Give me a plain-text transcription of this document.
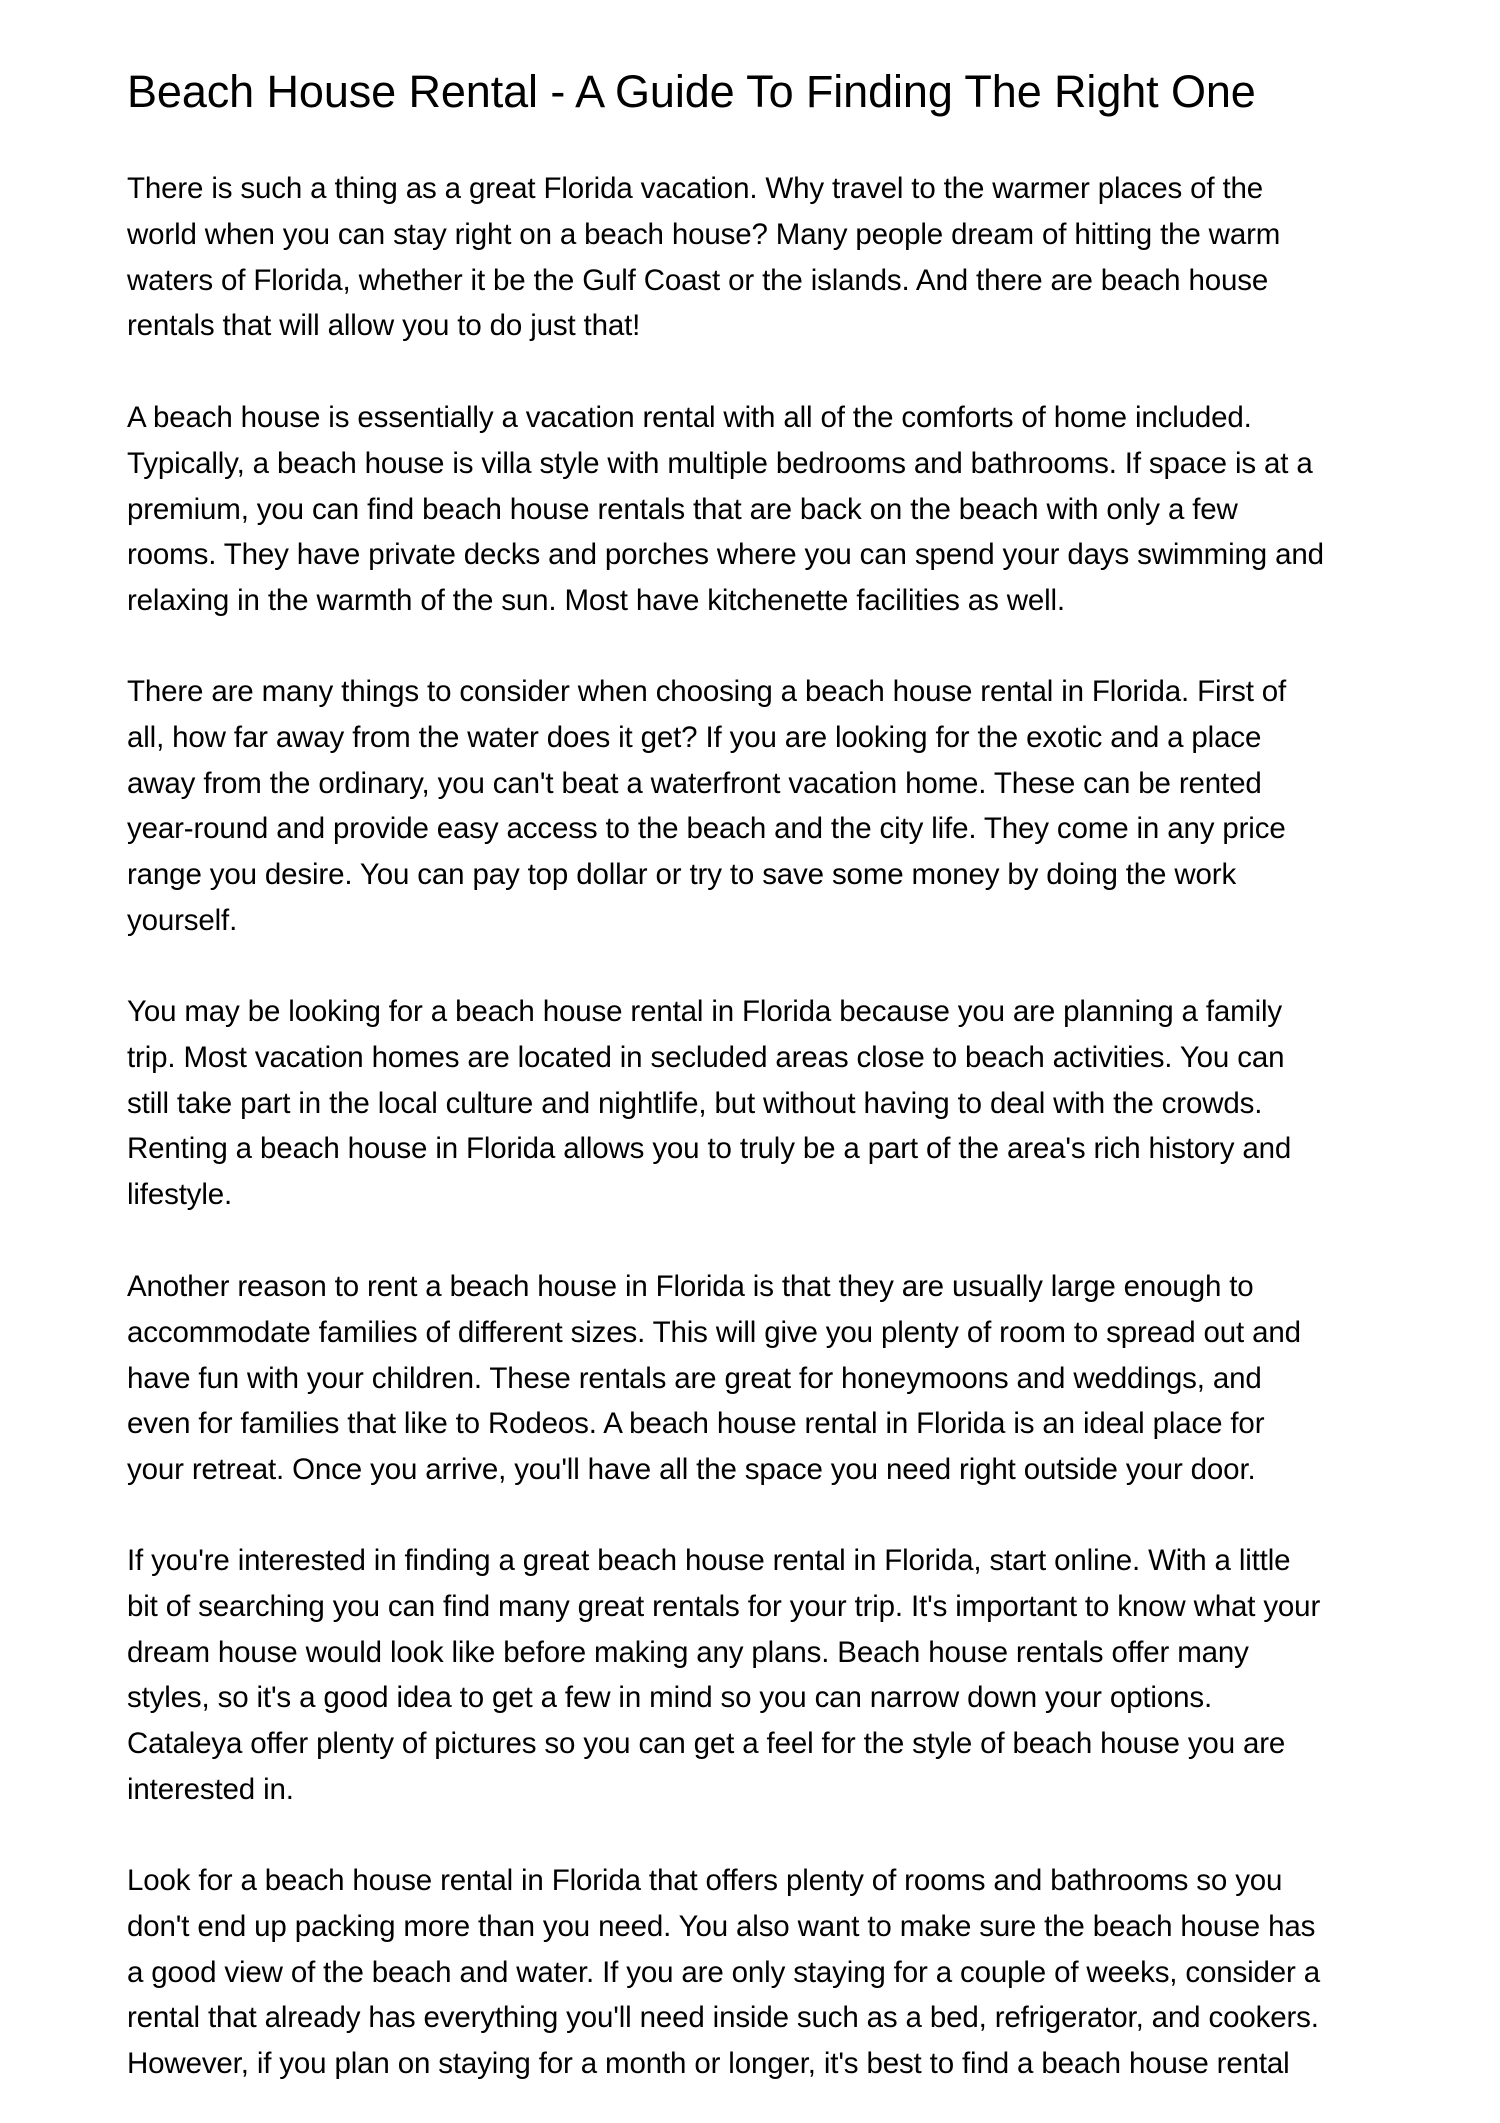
Beach House Rental - A Guide To Finding The Right One

There is such a thing as a great Florida vacation. Why travel to the warmer places of the
world when you can stay right on a beach house? Many people dream of hitting the warm
waters of Florida, whether it be the Gulf Coast or the islands. And there are beach house
rentals that will allow you to do just that!

A beach house is essentially a vacation rental with all of the comforts of home included.
Typically, a beach house is villa style with multiple bedrooms and bathrooms. If space is at a
premium, you can find beach house rentals that are back on the beach with only a few
rooms. They have private decks and porches where you can spend your days swimming and
relaxing in the warmth of the sun. Most have kitchenette facilities as well.

There are many things to consider when choosing a beach house rental in Florida. First of
all, how far away from the water does it get? If you are looking for the exotic and a place
away from the ordinary, you can't beat a waterfront vacation home. These can be rented
year-round and provide easy access to the beach and the city life. They come in any price
range you desire. You can pay top dollar or try to save some money by doing the work
yourself.

You may be looking for a beach house rental in Florida because you are planning a family
trip. Most vacation homes are located in secluded areas close to beach activities. You can
still take part in the local culture and nightlife, but without having to deal with the crowds.
Renting a beach house in Florida allows you to truly be a part of the area's rich history and
lifestyle.

Another reason to rent a beach house in Florida is that they are usually large enough to
accommodate families of different sizes. This will give you plenty of room to spread out and
have fun with your children. These rentals are great for honeymoons and weddings, and
even for families that like to Rodeos. A beach house rental in Florida is an ideal place for
your retreat. Once you arrive, you'll have all the space you need right outside your door.

If you're interested in finding a great beach house rental in Florida, start online. With a little
bit of searching you can find many great rentals for your trip. It's important to know what your
dream house would look like before making any plans. Beach house rentals offer many
styles, so it's a good idea to get a few in mind so you can narrow down your options.
Cataleya offer plenty of pictures so you can get a feel for the style of beach house you are
interested in.

Look for a beach house rental in Florida that offers plenty of rooms and bathrooms so you
don't end up packing more than you need. You also want to make sure the beach house has
a good view of the beach and water. If you are only staying for a couple of weeks, consider a
rental that already has everything you'll need inside such as a bed, refrigerator, and cookers.
However, if you plan on staying for a month or longer, it's best to find a beach house rental
